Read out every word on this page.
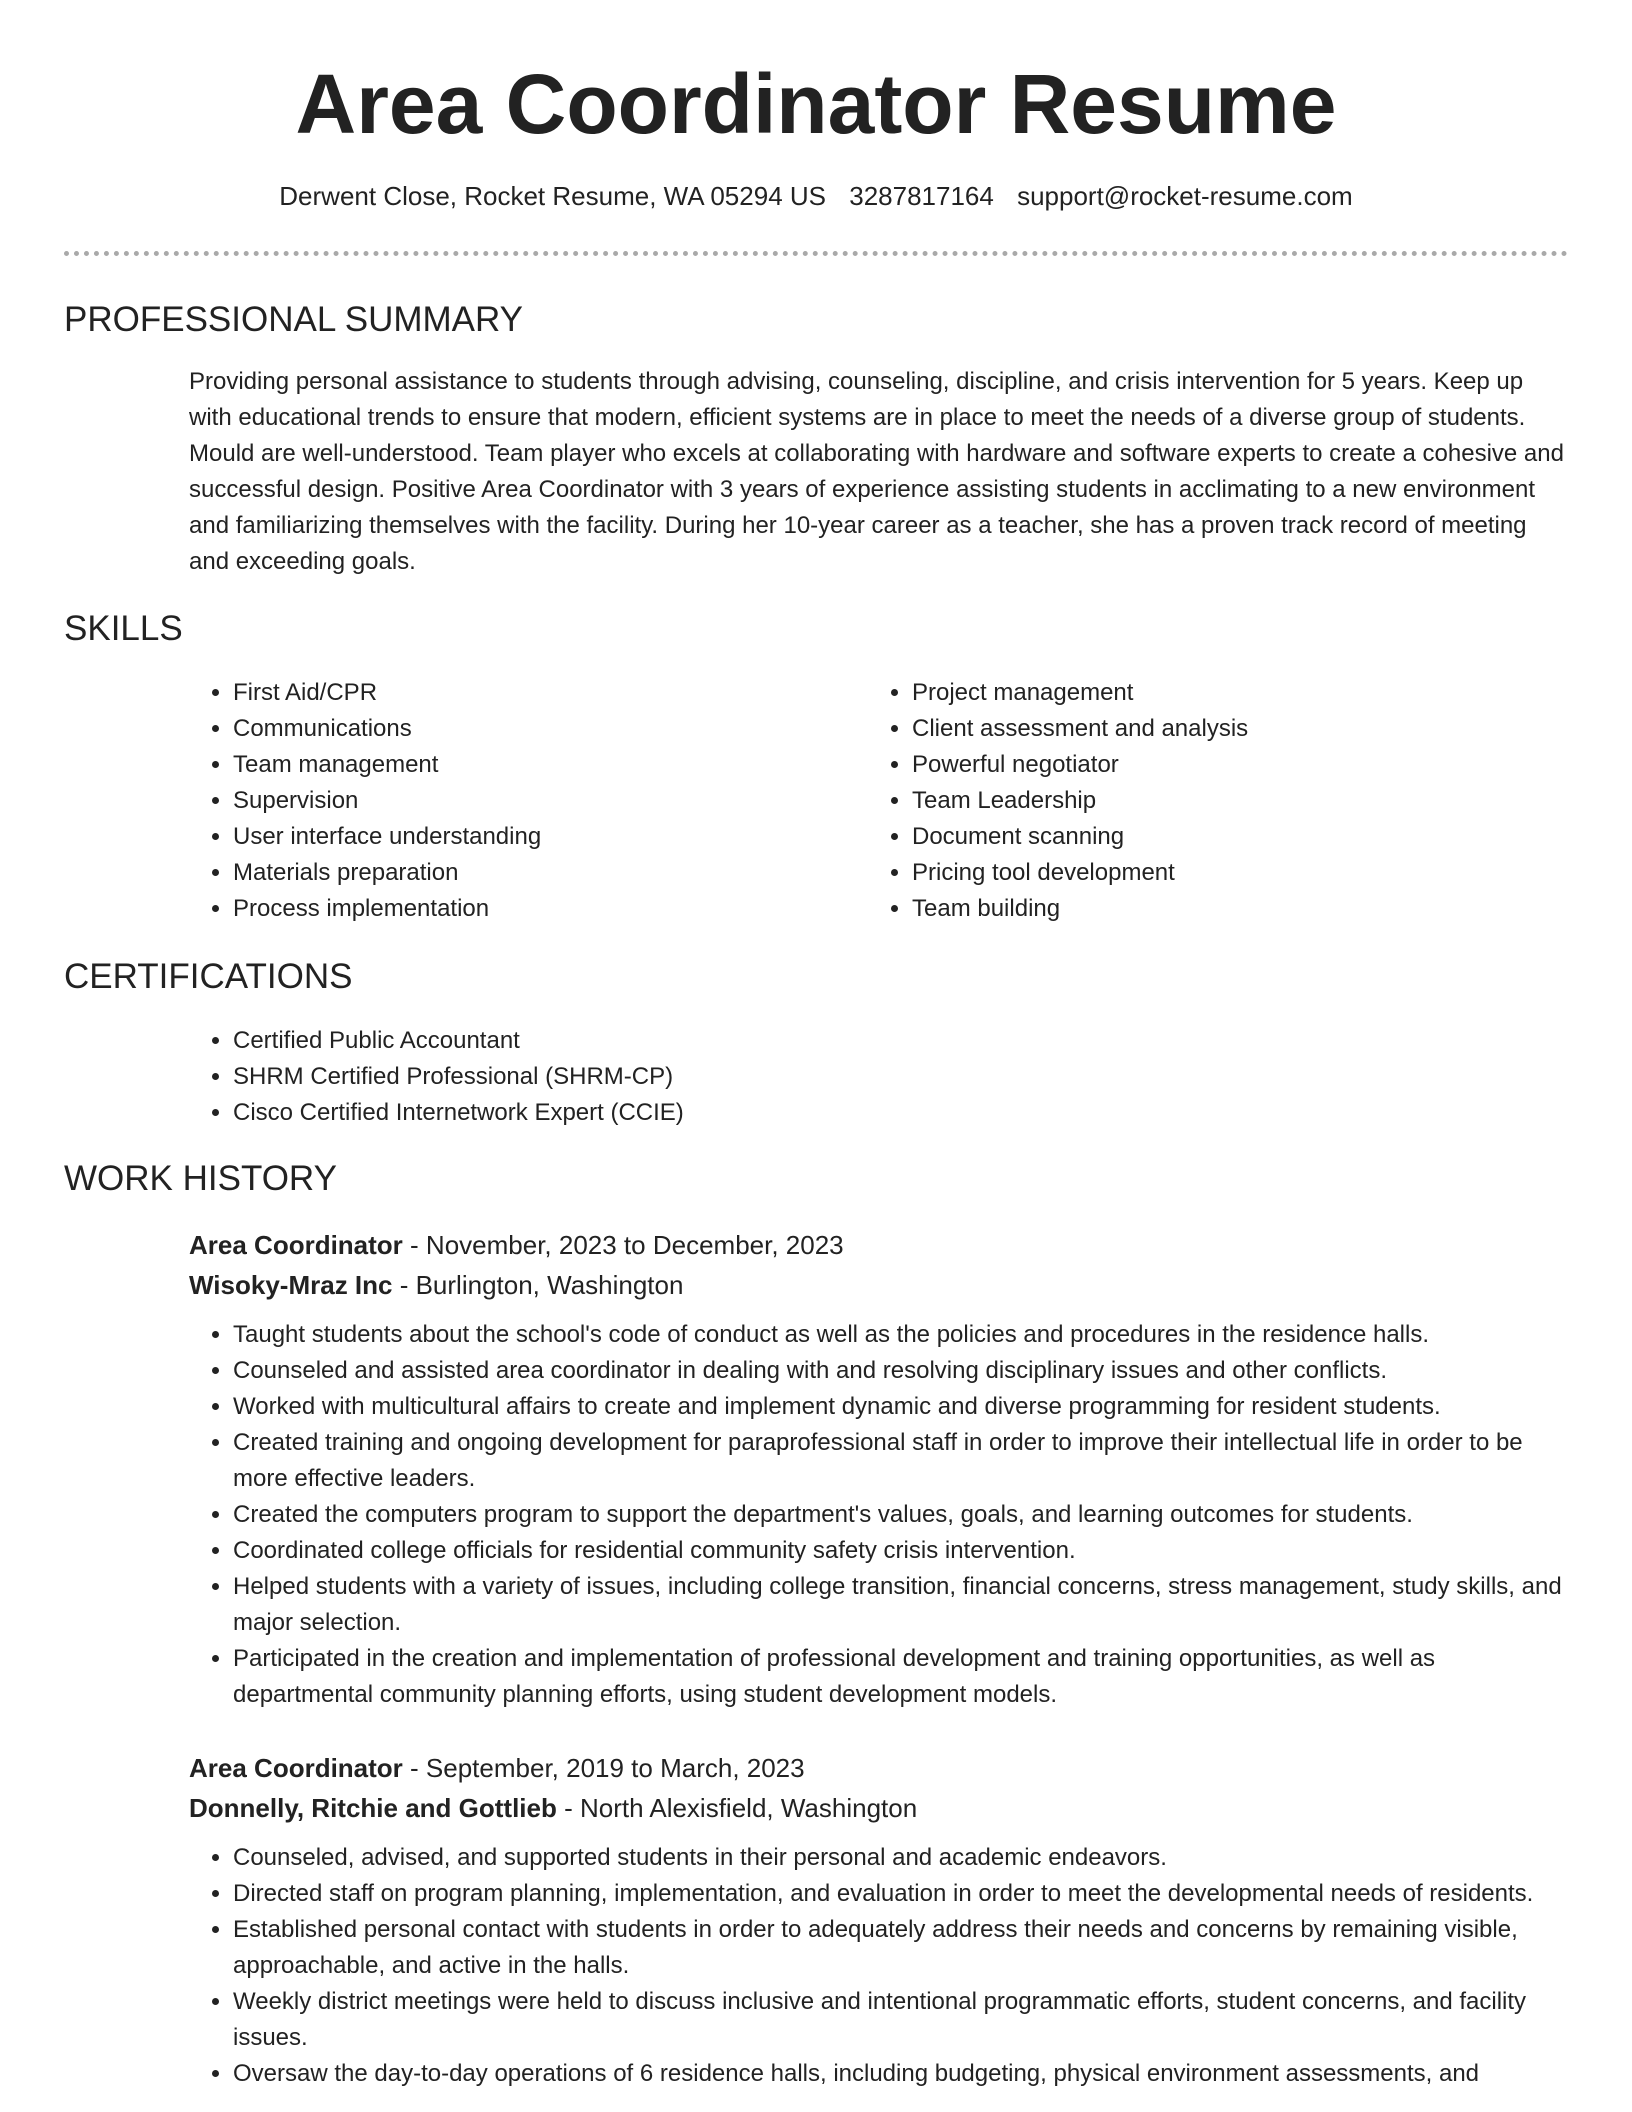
Area Coordinator Resume
Derwent Close, Rocket Resume, WA 05294 US 3287817164 support@rocket-resume.com
PROFESSIONAL SUMMARY

Providing personal assistance to students through advising, counseling, discipline, and crisis intervention for 5 years. Keep up with educational trends to ensure that modern, efficient systems are in place to meet the needs of a diverse group of students. Mould are well-understood. Team player who excels at collaborating with hardware and software experts to create a cohesive and successful design. Positive Area Coordinator with 3 years of experience assisting students in acclimating to a new environment and familiarizing themselves with the facility. During her 10-year career as a teacher, she has a proven track record of meeting and exceeding goals.

SKILLS
• First Aid/CPR
• Communications
• Team management
• Supervision
• User interface understanding
• Materials preparation
• Process implementation
• Project management
• Client assessment and analysis
• Powerful negotiator
• Team Leadership
• Document scanning
• Pricing tool development
• Team building
CERTIFICATIONS
• Certified Public Accountant
• SHRM Certified Professional (SHRM-CP)
• Cisco Certified Internetwork Expert (CCIE)
WORK HISTORY

Area Coordinator - November, 2023 to December, 2023

Wisoky-Mraz Inc - Burlington, Washington

• Taught students about the school's code of conduct as well as the policies and procedures in the residence halls.
• Counseled and assisted area coordinator in dealing with and resolving disciplinary issues and other conflicts.
• Worked with multicultural affairs to create and implement dynamic and diverse programming for resident students.
• Created training and ongoing development for paraprofessional staff in order to improve their intellectual life in order to be more effective leaders.
• Created the computers program to support the department's values, goals, and learning outcomes for students.
• Coordinated college officials for residential community safety crisis intervention.
• Helped students with a variety of issues, including college transition, financial concerns, stress management, study skills, and major selection.
• Participated in the creation and implementation of professional development and training opportunities, as well as departmental community planning efforts, using student development models.

Area Coordinator - September, 2019 to March, 2023

Donnelly, Ritchie and Gottlieb - North Alexisfield, Washington

• Counseled, advised, and supported students in their personal and academic endeavors.
• Directed staff on program planning, implementation, and evaluation in order to meet the developmental needs of residents.
• Established personal contact with students in order to adequately address their needs and concerns by remaining visible, approachable, and active in the halls.
• Weekly district meetings were held to discuss inclusive and intentional programmatic efforts, student concerns, and facility issues.
• Oversaw the day-to-day operations of 6 residence halls, including budgeting, physical environment assessments, and
